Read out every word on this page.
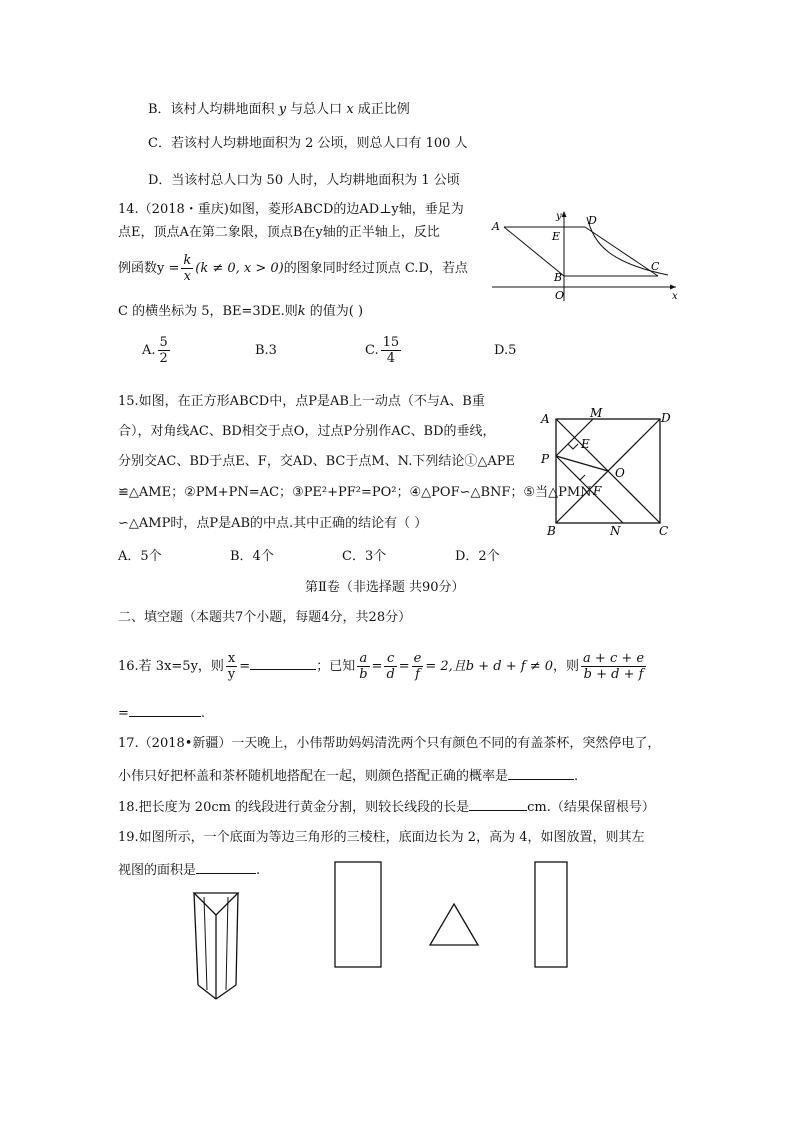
B．该村人均耕地面积 y 与总人口 x 成正比例
C．若该村人均耕地面积为 2 公顷，则总人口有 100 人
D．当该村总人口为 50 人时，人均耕地面积为 1 公顷
14.（2018・重庆)如图，菱形ABCD的边AD⊥y轴，垂足为
点E，顶点A在第二象限，顶点B在y轴的正半轴上，反比
例函数$y = \frac{k}{x} (k \ne 0$, x > 0)的图象同时经过顶点 C.D，若点
C 的横坐标为 5，BE=3DE.则k 的值为( )
A. $\frac{5}{2}$	B.3	C. $\frac{15}{4}$	D.5
A	D
E
B
C
O
y
x
15.如图，在正方形ABCD中，点P是AB上一动点（不与A、B重
合），对角线AC、BD相交于点O，过点P分别作AC、BD的垂线，
分别交AC、BD于点E、F，交AD、BC于点M、N.下列结论①△APE
≌△AME；②PM+PN=AC；③PE²+PF²=PO²；④△POF∽△BNF；⑤当△PMN
∽△AMP时，点P是AB的中点.其中正确的结论有（ ）
A．5个	B．4个	C．3个	D．2个
A	M	D
E
P
O
F
B	N	C
第Ⅱ卷（非选择题 共90分）
二、填空题（本题共7个小题，每题4分，共28分）
16.若 3x=5y，则 $\frac{x}{y}$ =	；已知 $\frac{a}{b} = \frac{c}{d} = \frac{e}{f} = 2$,且b + d + f ≠ 0，则 $\frac{a + c + e}{b + d + f}$
=	.
17.（2018•新疆）一天晚上，小伟帮助妈妈清洗两个只有颜色不同的有盖茶杯，突然停电了，
小伟只好把杯盖和茶杯随机地搭配在一起，则颜色搭配正确的概率是	.
18.把长度为 20cm 的线段进行黄金分割，则较长线段的长是	cm.（结果保留根号）
19.如图所示，一个底面为等边三角形的三棱柱，底面边长为 2，高为 4，如图放置，则其左
视图的面积是	.
